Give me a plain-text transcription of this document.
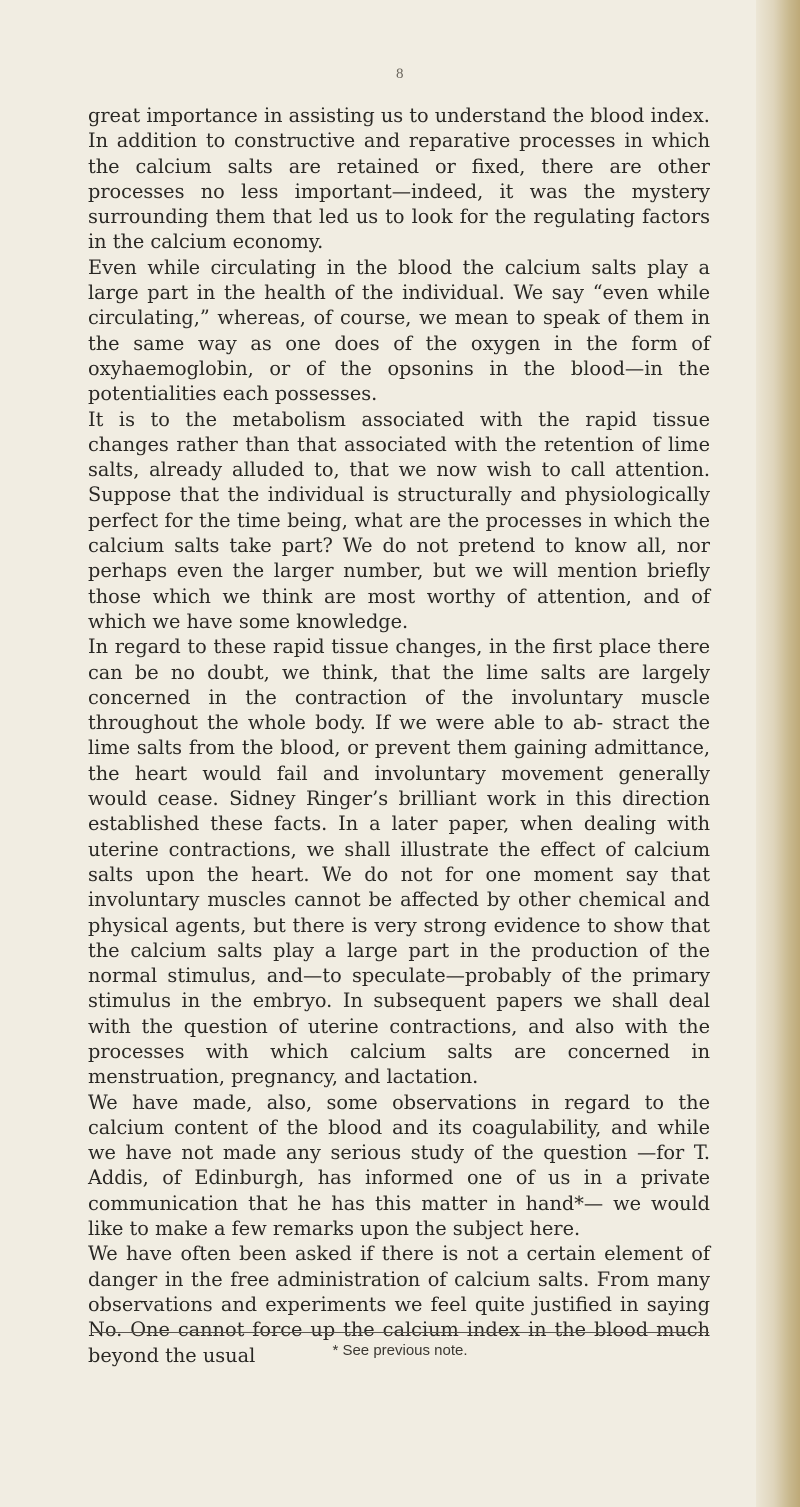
8

great importance in assisting us to understand the blood index.

In addition to constructive and reparative processes in which the calcium salts are retained or fixed, there are other processes no less important—indeed, it was the mystery surrounding them that led us to look for the regulating factors in the calcium economy.

Even while circulating in the blood the calcium salts play a large part in the health of the individual. We say “even while circulating,” whereas, of course, we mean to speak of them in the same way as one does of the oxygen in the form of oxyhaemoglobin, or of the opsonins in the blood—in the potentialities each possesses.

It is to the metabolism associated with the rapid tissue changes rather than that associated with the retention of lime salts, already alluded to, that we now wish to call attention. Suppose that the individual is structurally and physiologically perfect for the time being, what are the processes in which the calcium salts take part? We do not pretend to know all, nor perhaps even the larger number, but we will mention briefly those which we think are most worthy of attention, and of which we have some knowledge.

In regard to these rapid tissue changes, in the first place there can be no doubt, we think, that the lime salts are largely concerned in the contraction of the involuntary muscle throughout the whole body. If we were able to ab- stract the lime salts from the blood, or prevent them gaining admittance, the heart would fail and involuntary movement generally would cease. Sidney Ringer’s brilliant work in this direction established these facts. In a later paper, when dealing with uterine contractions, we shall illustrate the effect of calcium salts upon the heart. We do not for one moment say that involuntary muscles cannot be affected by other chemical and physical agents, but there is very strong evidence to show that the calcium salts play a large part in the production of the normal stimulus, and—to speculate—probably of the primary stimulus in the embryo. In subsequent papers we shall deal with the question of uterine contractions, and also with the processes with which calcium salts are concerned in menstruation, pregnancy, and lactation.

We have made, also, some observations in regard to the calcium content of the blood and its coagulability, and while we have not made any serious study of the question —for T. Addis, of Edinburgh, has informed one of us in a private communication that he has this matter in hand*— we would like to make a few remarks upon the subject here.

We have often been asked if there is not a certain element of danger in the free administration of calcium salts. From many observations and experiments we feel quite justified in saying No. One cannot force up the calcium index in the blood much beyond the usual	* See previous note.
